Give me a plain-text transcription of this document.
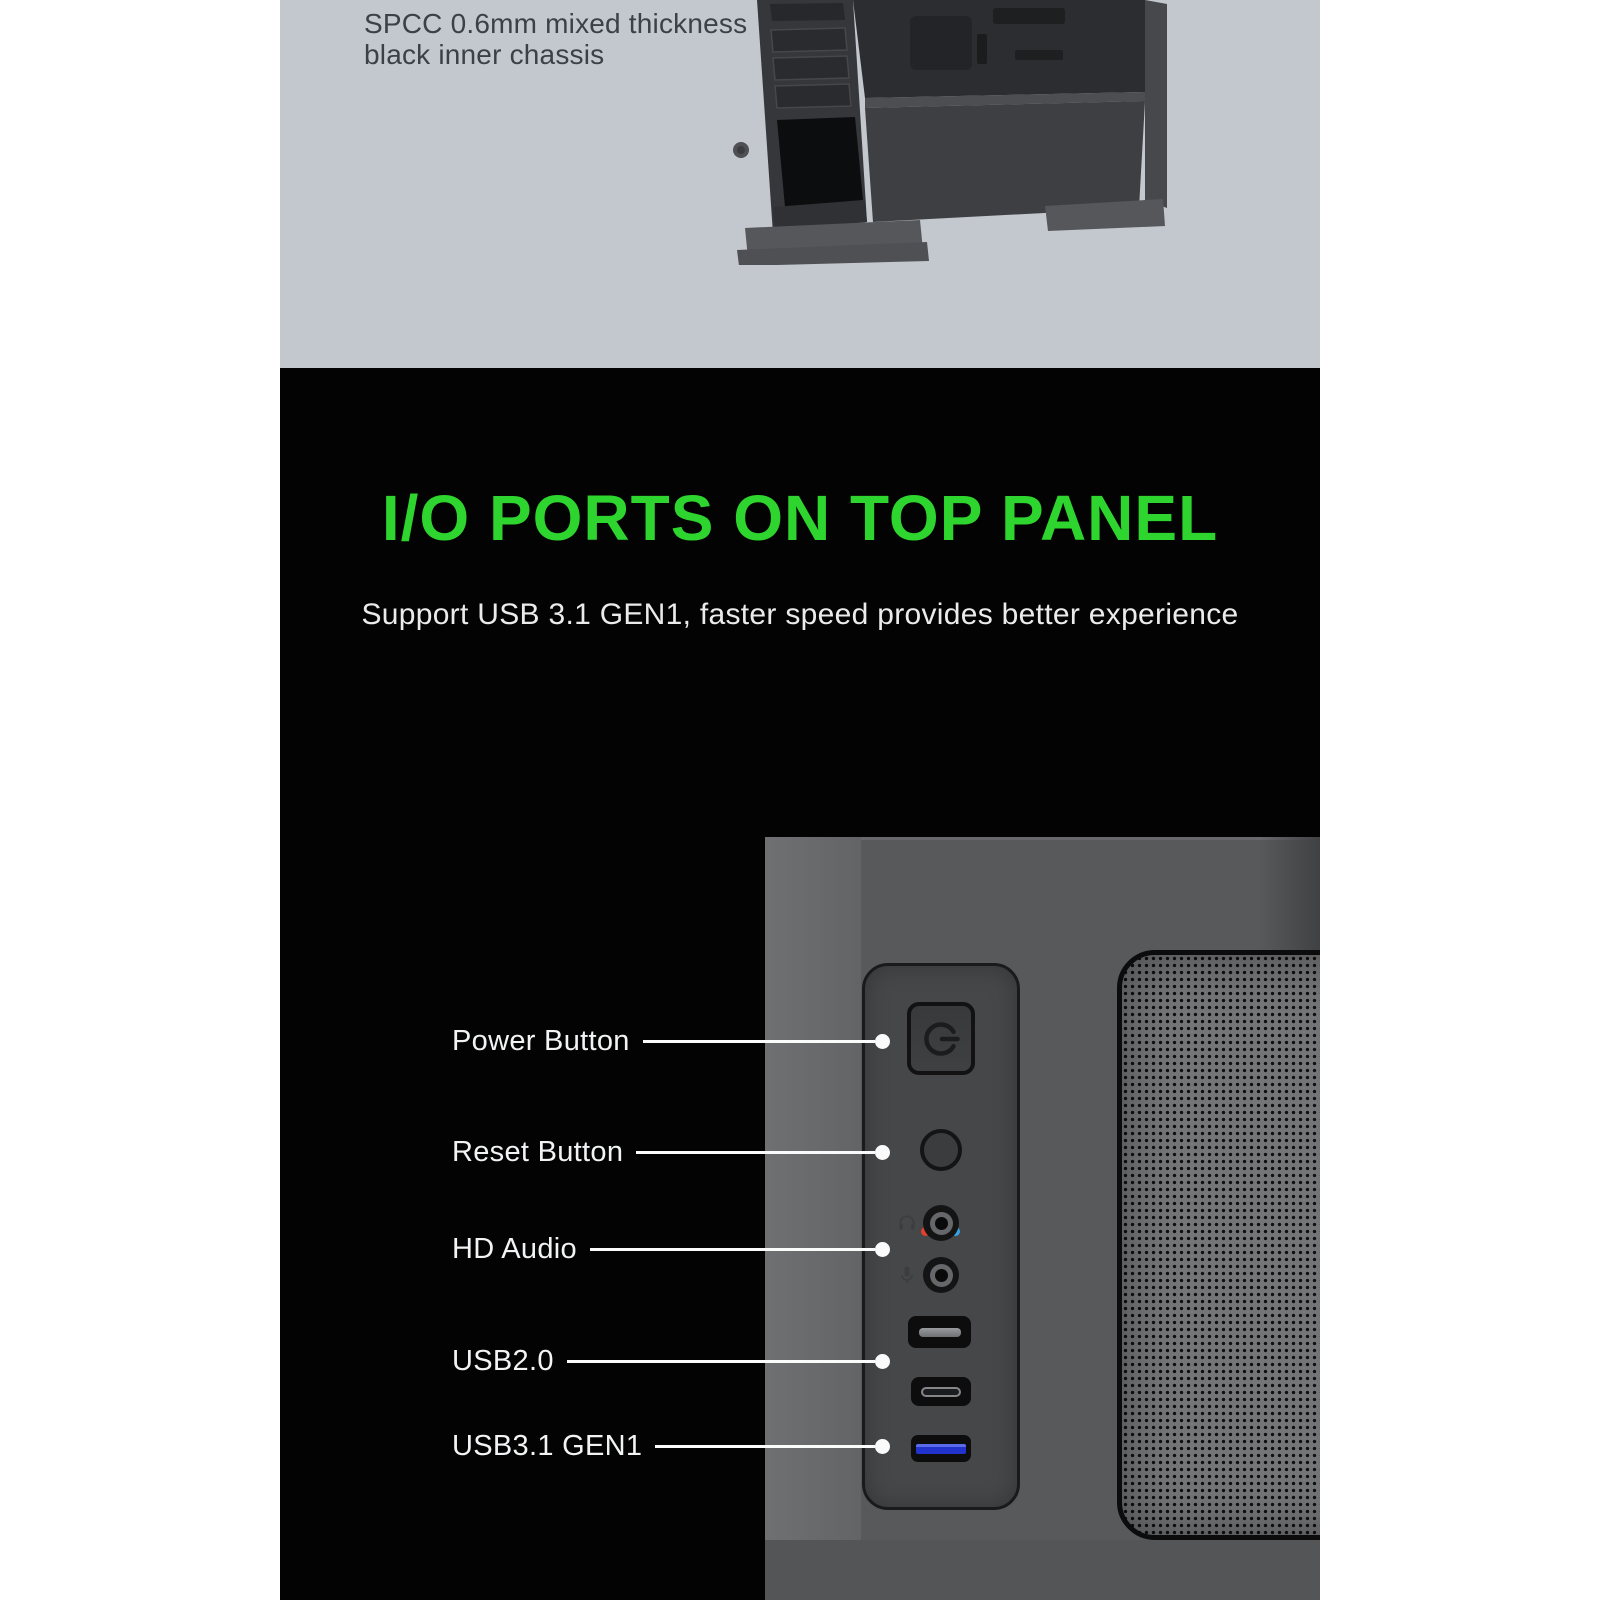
SPCC 0.6mm mixed thickness
black inner chassis
I/O PORTS ON TOP PANEL

Support USB 3.1 GEN1, faster speed provides better experience

Power Button
Reset Button
HD Audio
USB2.0
USB3.1 GEN1
